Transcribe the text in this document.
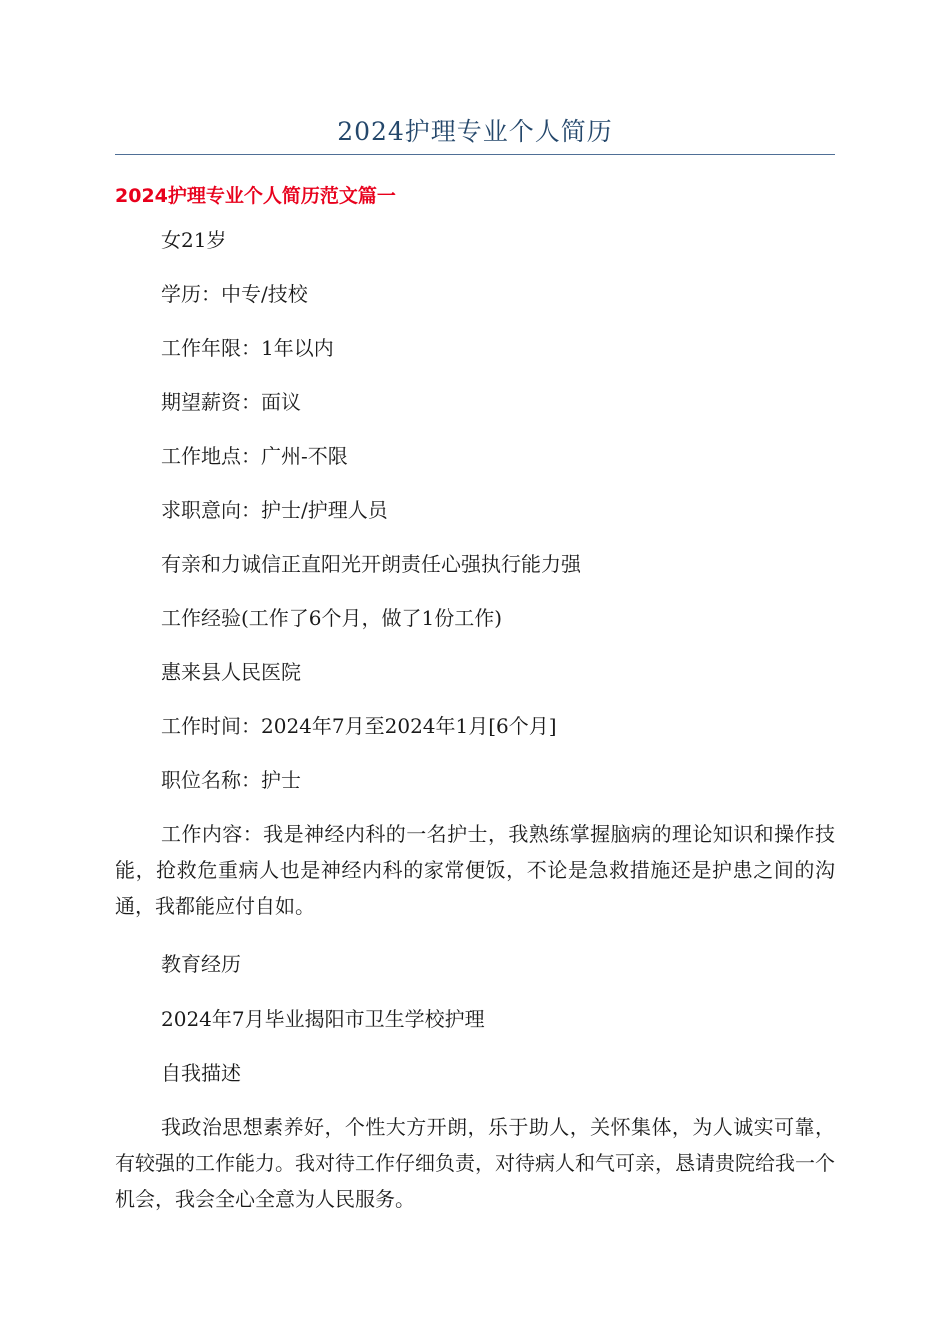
2024护理专业个人简历
2024护理专业个人简历范文篇一
女21岁
学历：中专/技校
工作年限：1年以内
期望薪资：面议
工作地点：广州-不限
求职意向：护士/护理人员
有亲和力诚信正直阳光开朗责任心强执行能力强
工作经验(工作了6个月，做了1份工作)
惠来县人民医院
工作时间：2024年7月至2024年1月[6个月]
职位名称：护士
工作内容：我是神经内科的一名护士，我熟练掌握脑病的理论知识和操作技能，抢救危重病人也是神经内科的家常便饭，不论是急救措施还是护患之间的沟通，我都能应付自如。
教育经历
2024年7月毕业揭阳市卫生学校护理
自我描述
我政治思想素养好，个性大方开朗，乐于助人，关怀集体，为人诚实可靠，有较强的工作能力。我对待工作仔细负责，对待病人和气可亲，恳请贵院给我一个机会，我会全心全意为人民服务。
